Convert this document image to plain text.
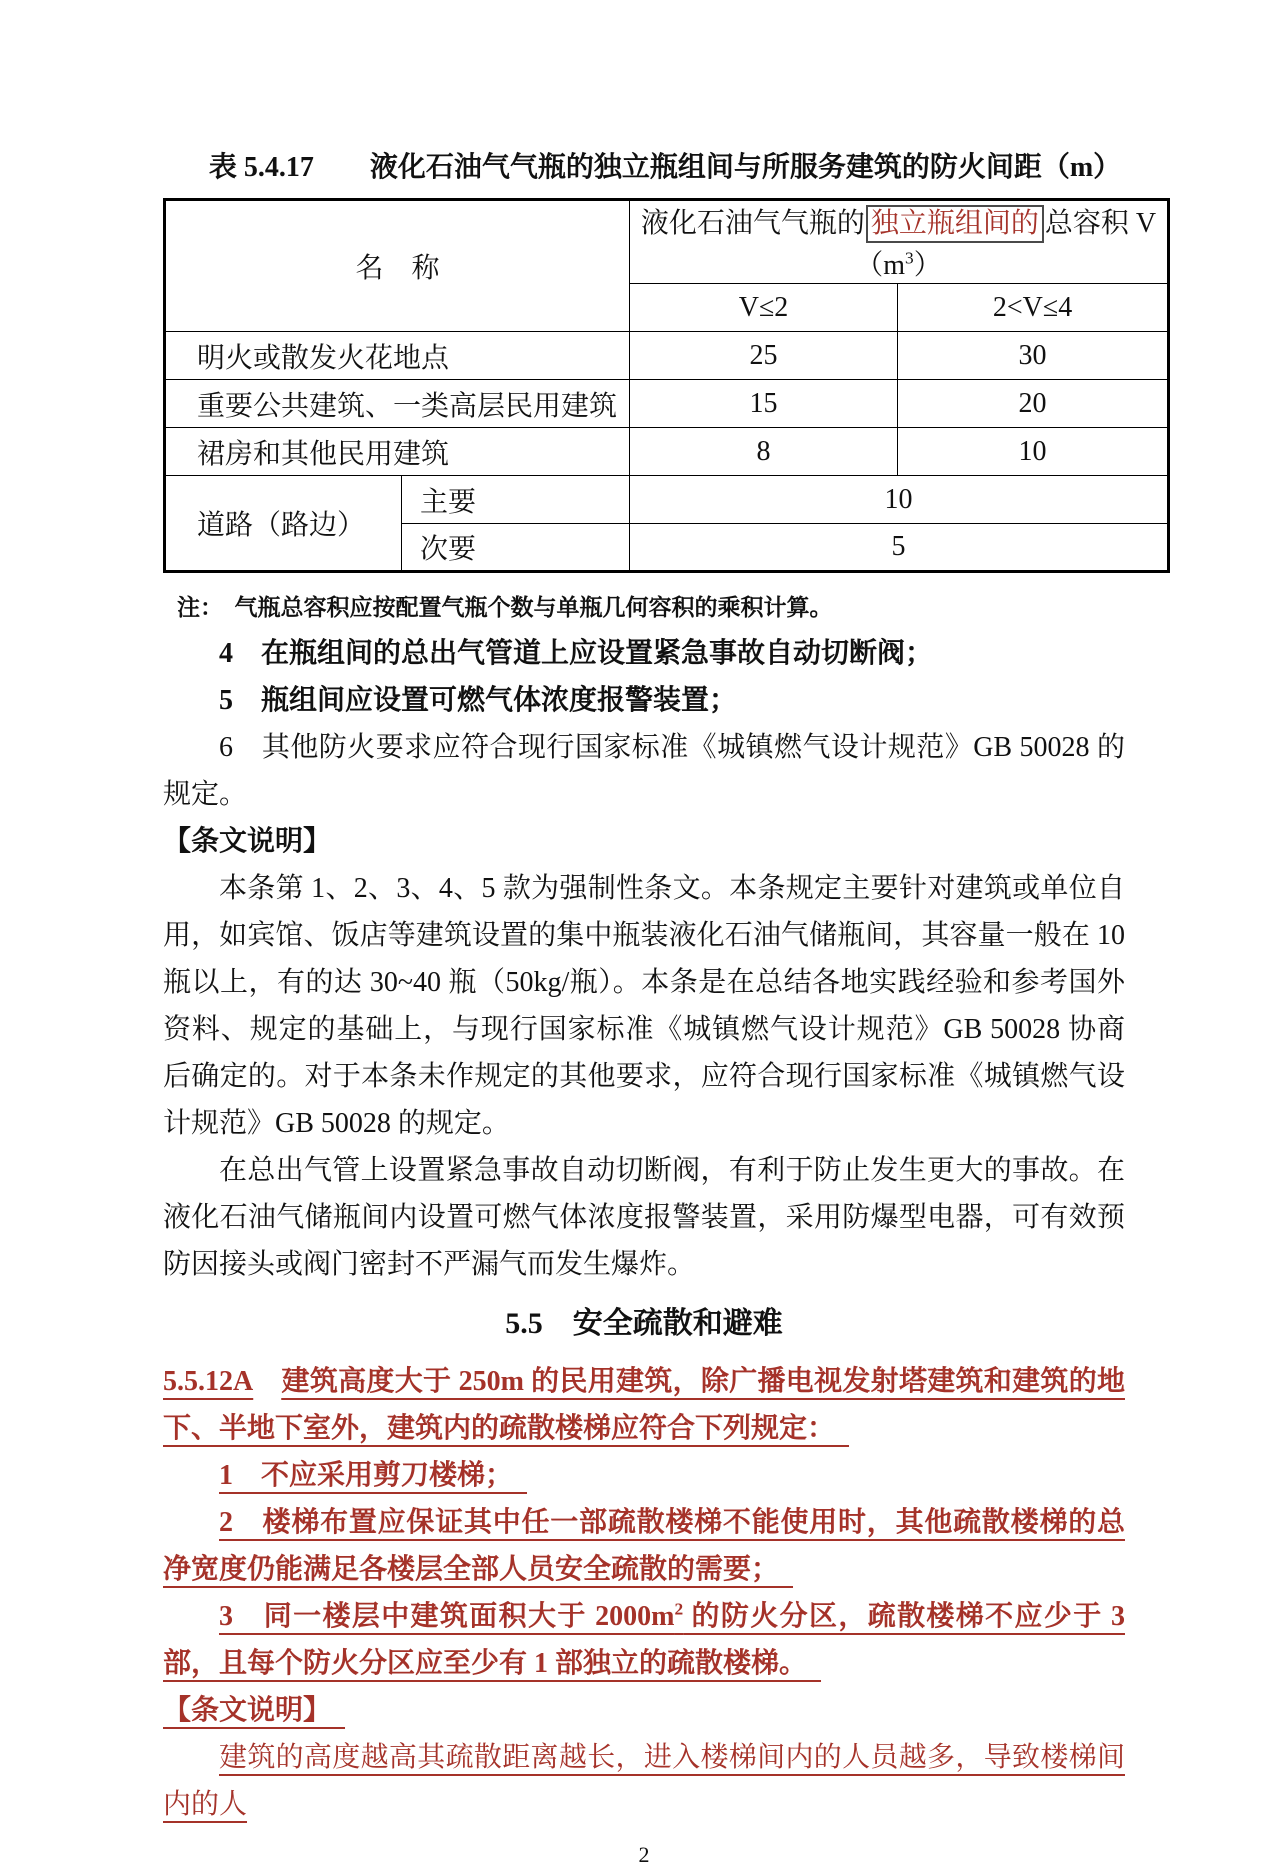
表 5.4.17　　液化石油气气瓶的独立瓶组间与所服务建筑的防火间距（m）
名　称		液化石油气气瓶的 独立瓶组间的 总容积 $V(m^3)$	
		V≤2	2<V≤4
明火或散发火花地点		25	30
重要公共建筑、一类高层民用建筑		15	20
裙房和其他民用建筑		8	10
道路（路边）	主要	10	
	次要	5	
注：　气瓶总容积应按配置气瓶个数与单瓶几何容积的乘积计算。

4　在瓶组间的总出气管道上应设置紧急事故自动切断阀；

5　瓶组间应设置可燃气体浓度报警装置；

6　其他防火要求应符合现行国家标准《城镇燃气设计规范》GB 50028 的规定。

【条文说明】

本条第 1、2、3、4、5 款为强制性条文。本条规定主要针对建筑或单位自用，如宾馆、饭店等建筑设置的集中瓶装液化石油气储瓶间，其容量一般在 10 瓶以上，有的达 30~40 瓶（50kg/瓶）。本条是在总结各地实践经验和参考国外资料、规定的基础上，与现行国家标准《城镇燃气设计规范》GB 50028 协商后确定的。对于本条未作规定的其他要求，应符合现行国家标准《城镇燃气设计规范》GB 50028 的规定。

在总出气管上设置紧急事故自动切断阀，有利于防止发生更大的事故。在液化石油气储瓶间内设置可燃气体浓度报警装置，采用防爆型电器，可有效预防因接头或阀门密封不严漏气而发生爆炸。

5.5　安全疏散和避难

5.5.12A 建筑高度大于 250m 的民用建筑，除广播电视发射塔建筑和建筑的地下、半地下室外，建筑内的疏散楼梯应符合下列规定：　

1　不应采用剪刀楼梯；　

2　楼梯布置应保证其中任一部疏散楼梯不能使用时，其他疏散楼梯的总净宽度仍能满足各楼层全部人员安全疏散的需要；　

3　同一楼层中建筑面积大于 $2000m^2$ 的防火分区，疏散楼梯不应少于 3 部，且每个防火分区应至少有 1 部独立的疏散楼梯。　

【条文说明】　

建筑的高度越高其疏散距离越长，进入楼梯间内的人员越多，导致楼梯间内的人

2
